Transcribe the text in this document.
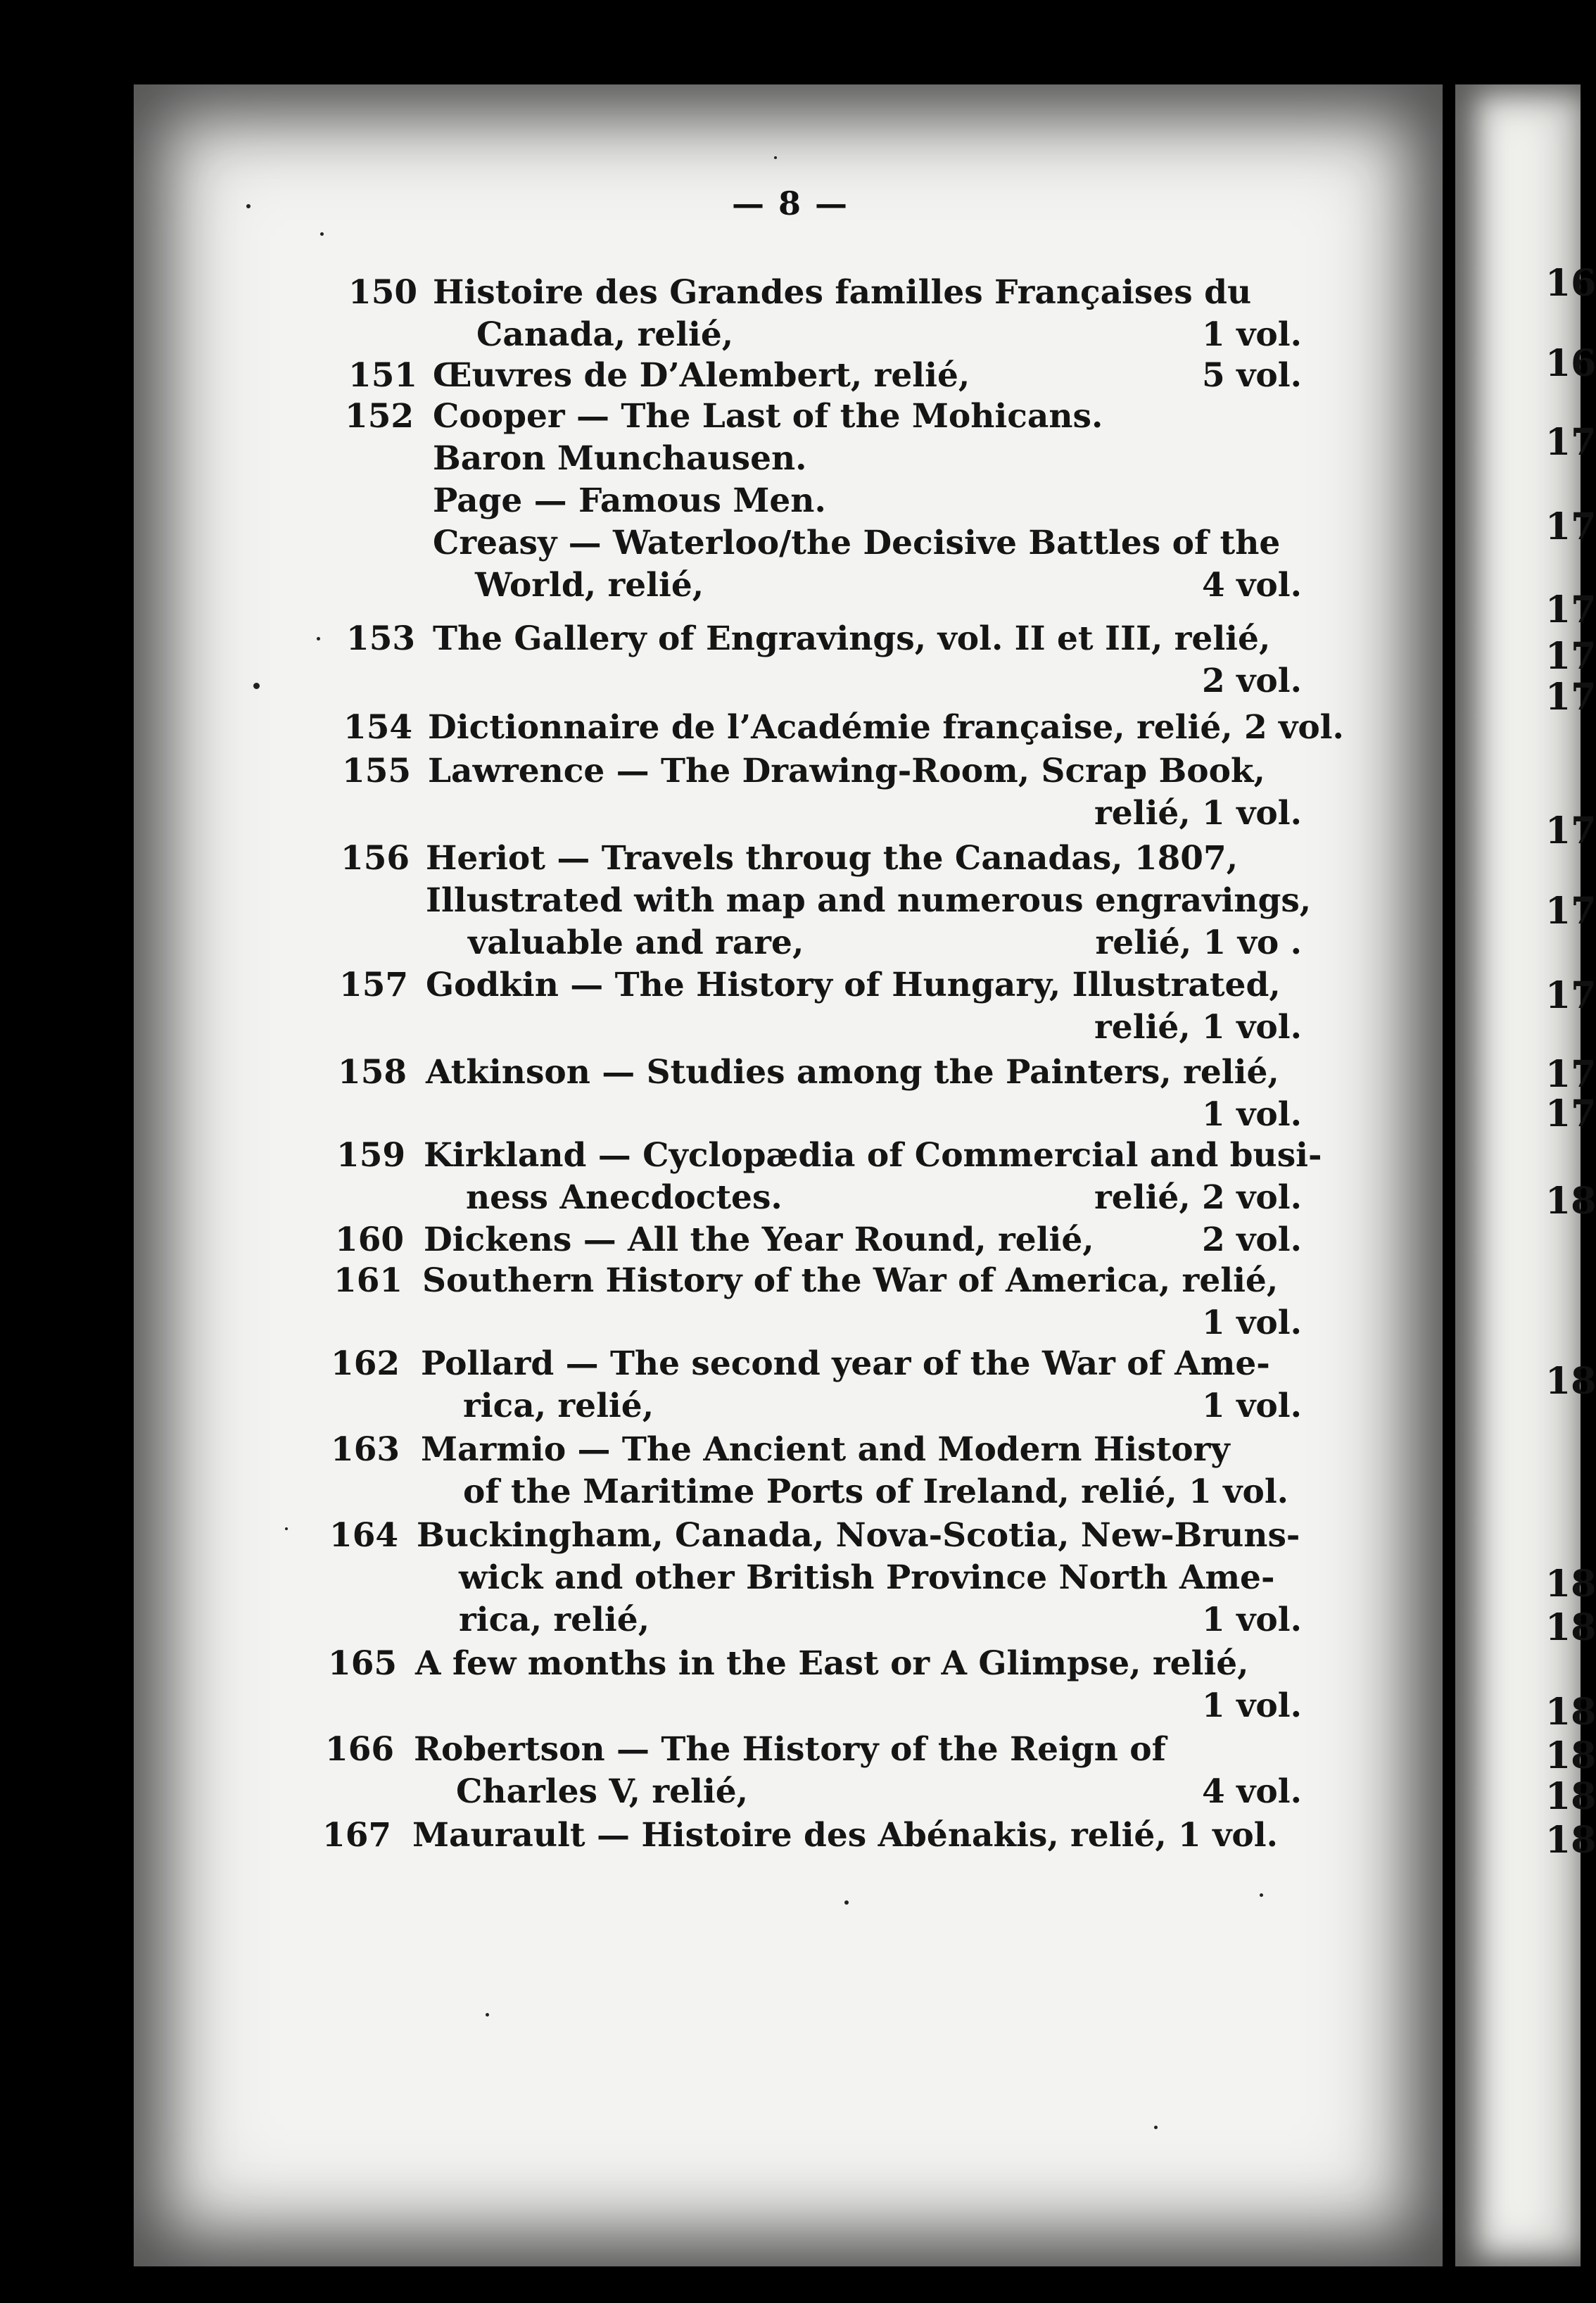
— 8 —
150 Histoire des Grandes familles Françaises du
Canada, relié,	1 vol.
151 Œuvres de D’Alembert, relié,	5 vol.
152 Cooper — The Last of the Mohicans.
Baron Munchausen.
Page — Famous Men.
Creasy — Waterloo/the Decisive Battles of the
World, relié,	4 vol.
153 The Gallery of Engravings, vol. II et III, relié,
2 vol.
154 Dictionnaire de l’Académie française, relié, 2 vol.
155 Lawrence — The Drawing-Room, Scrap Book,
relié, 1 vol.
156 Heriot — Travels throug the Canadas, 1807,
Illustrated with map and numerous engravings,
valuable and rare,	relié, 1 vo .
157 Godkin — The History of Hungary, Illustrated,
relié, 1 vol.
158 Atkinson — Studies among the Painters, relié,
1 vol.
159 Kirkland — Cyclopædia of Commercial and busi-
ness Anecdoctes.	relié, 2 vol.
160 Dickens — All the Year Round, relié,	2 vol.
161 Southern History of the War of America, relié,
1 vol.
162 Pollard — The second year of the War of Ame-
rica, relié,	1 vol.
163 Marmio — The Ancient and Modern History
of the Maritime Ports of Ireland, relié, 1 vol.
164 Buckingham, Canada, Nova-Scotia, New-Bruns-
wick and other British Province North Ame-
rica, relié,	1 vol.
165 A few months in the East or A Glimpse, relié,
1 vol.
166 Robertson — The History of the Reign of
Charles V, relié,	4 vol.
167 Maurault — Histoire des Abénakis, relié, 1 vol.
16
16
17
17
17
17
17
17
17
17
17
17
18
18
18
18
18
18
18
18
